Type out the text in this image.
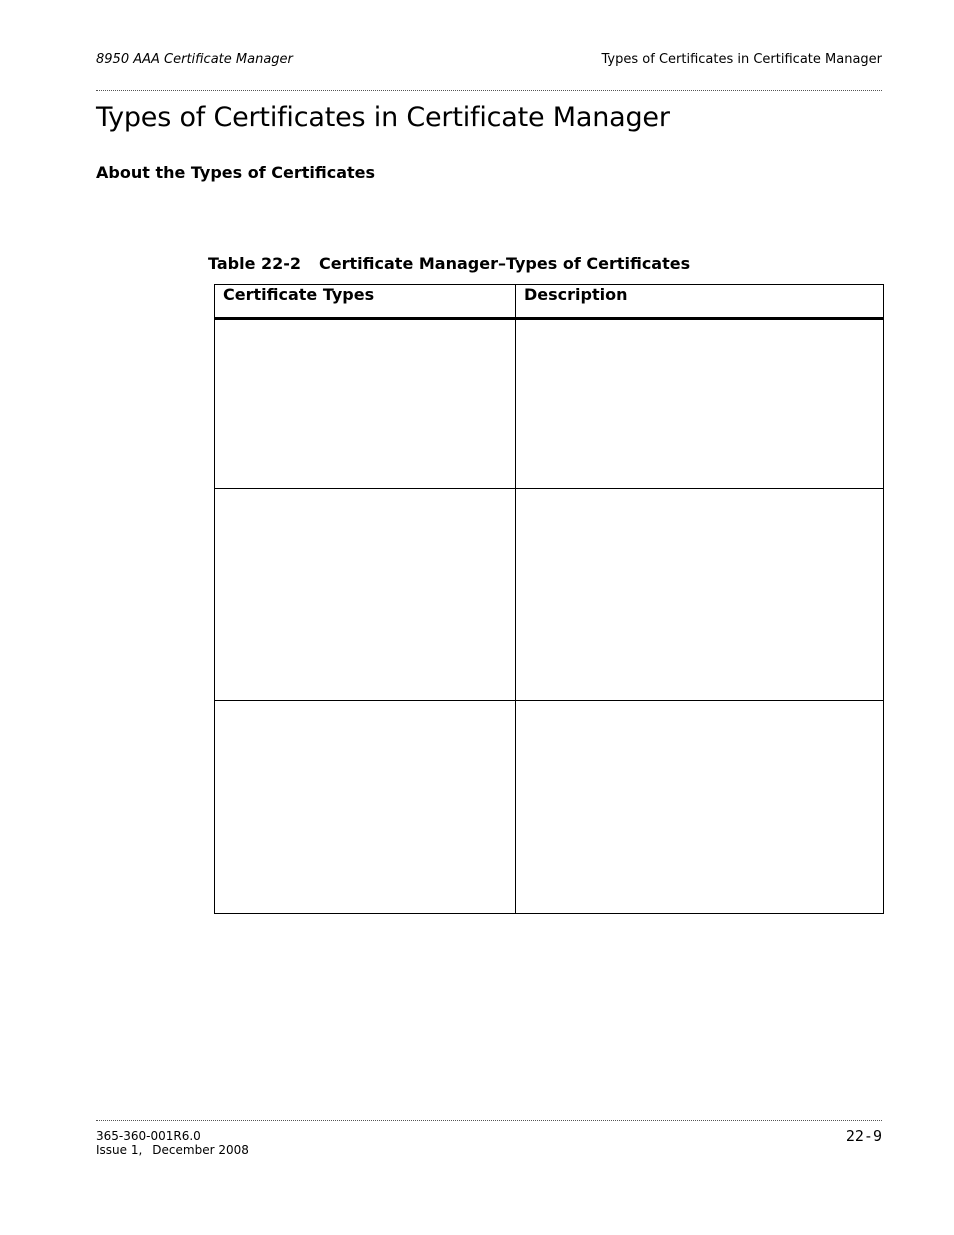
8950 AAA Certificate Manager	Types of Certificates in Certificate Manager
Types of Certificates in Certificate Manager
About the Types of Certificates
Table 22-2 Certificate Manager–Types of Certificates
Certificate Types	Description

365-360-001R6.0
Issue 1, December 2008
22-9
